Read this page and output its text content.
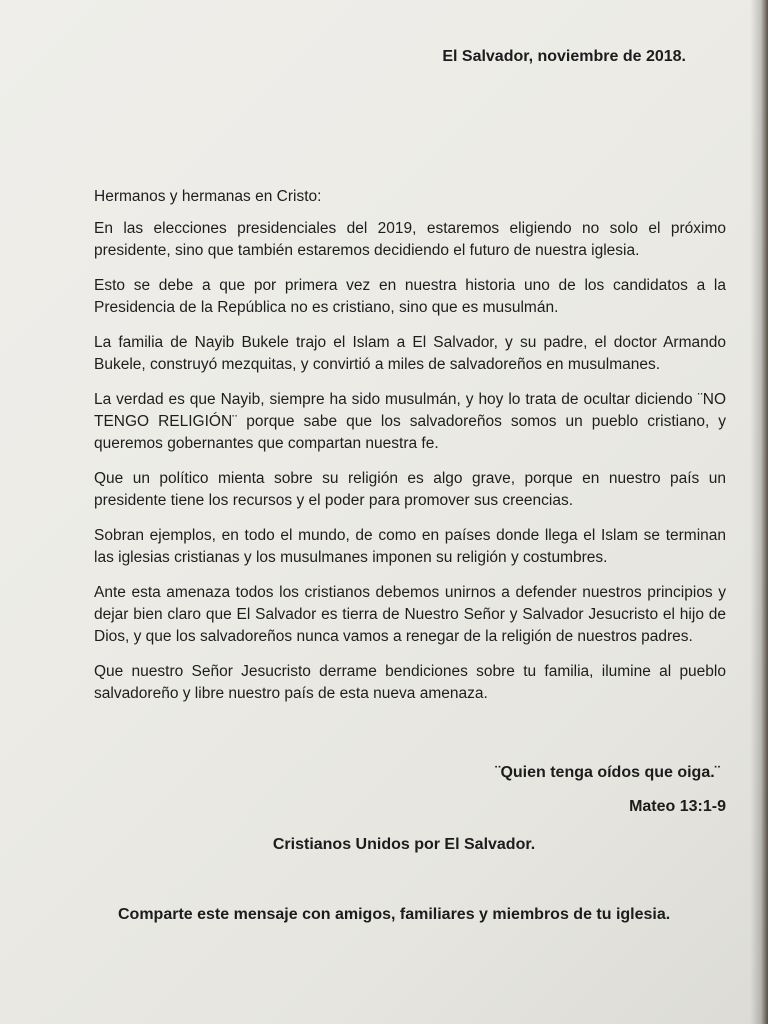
El Salvador, noviembre de 2018.

Hermanos y hermanas en Cristo:

En las elecciones presidenciales del 2019, estaremos eligiendo no solo el próximo presidente, sino que también estaremos decidiendo el futuro de nuestra iglesia.

Esto se debe a que por primera vez en nuestra historia uno de los candidatos a la Presidencia de la República no es cristiano, sino que es musulmán.

La familia de Nayib Bukele trajo el Islam a El Salvador, y su padre, el doctor Armando Bukele, construyó mezquitas, y convirtió a miles de salvadoreños en musulmanes.

La verdad es que Nayib, siempre ha sido musulmán, y hoy lo trata de ocultar diciendo ¨NO TENGO RELIGIÓN¨ porque sabe que los salvadoreños somos un pueblo cristiano, y queremos gobernantes que compartan nuestra fe.

Que un político mienta sobre su religión es algo grave, porque en nuestro país un presidente tiene los recursos y el poder para promover sus creencias.

Sobran ejemplos, en todo el mundo, de como en países donde llega el Islam se terminan las iglesias cristianas y los musulmanes imponen su religión y costumbres.

Ante esta amenaza todos los cristianos debemos unirnos a defender nuestros principios y dejar bien claro que El Salvador es tierra de Nuestro Señor y Salvador Jesucristo el hijo de Dios, y que los salvadoreños nunca vamos a renegar de la religión de nuestros padres.

Que nuestro Señor Jesucristo derrame bendiciones sobre tu familia, ilumine al pueblo salvadoreño y libre nuestro país de esta nueva amenaza.

¨Quien tenga oídos que oiga.¨
Mateo 13:1-9
Cristianos Unidos por El Salvador.
Comparte este mensaje con amigos, familiares y miembros de tu iglesia.
